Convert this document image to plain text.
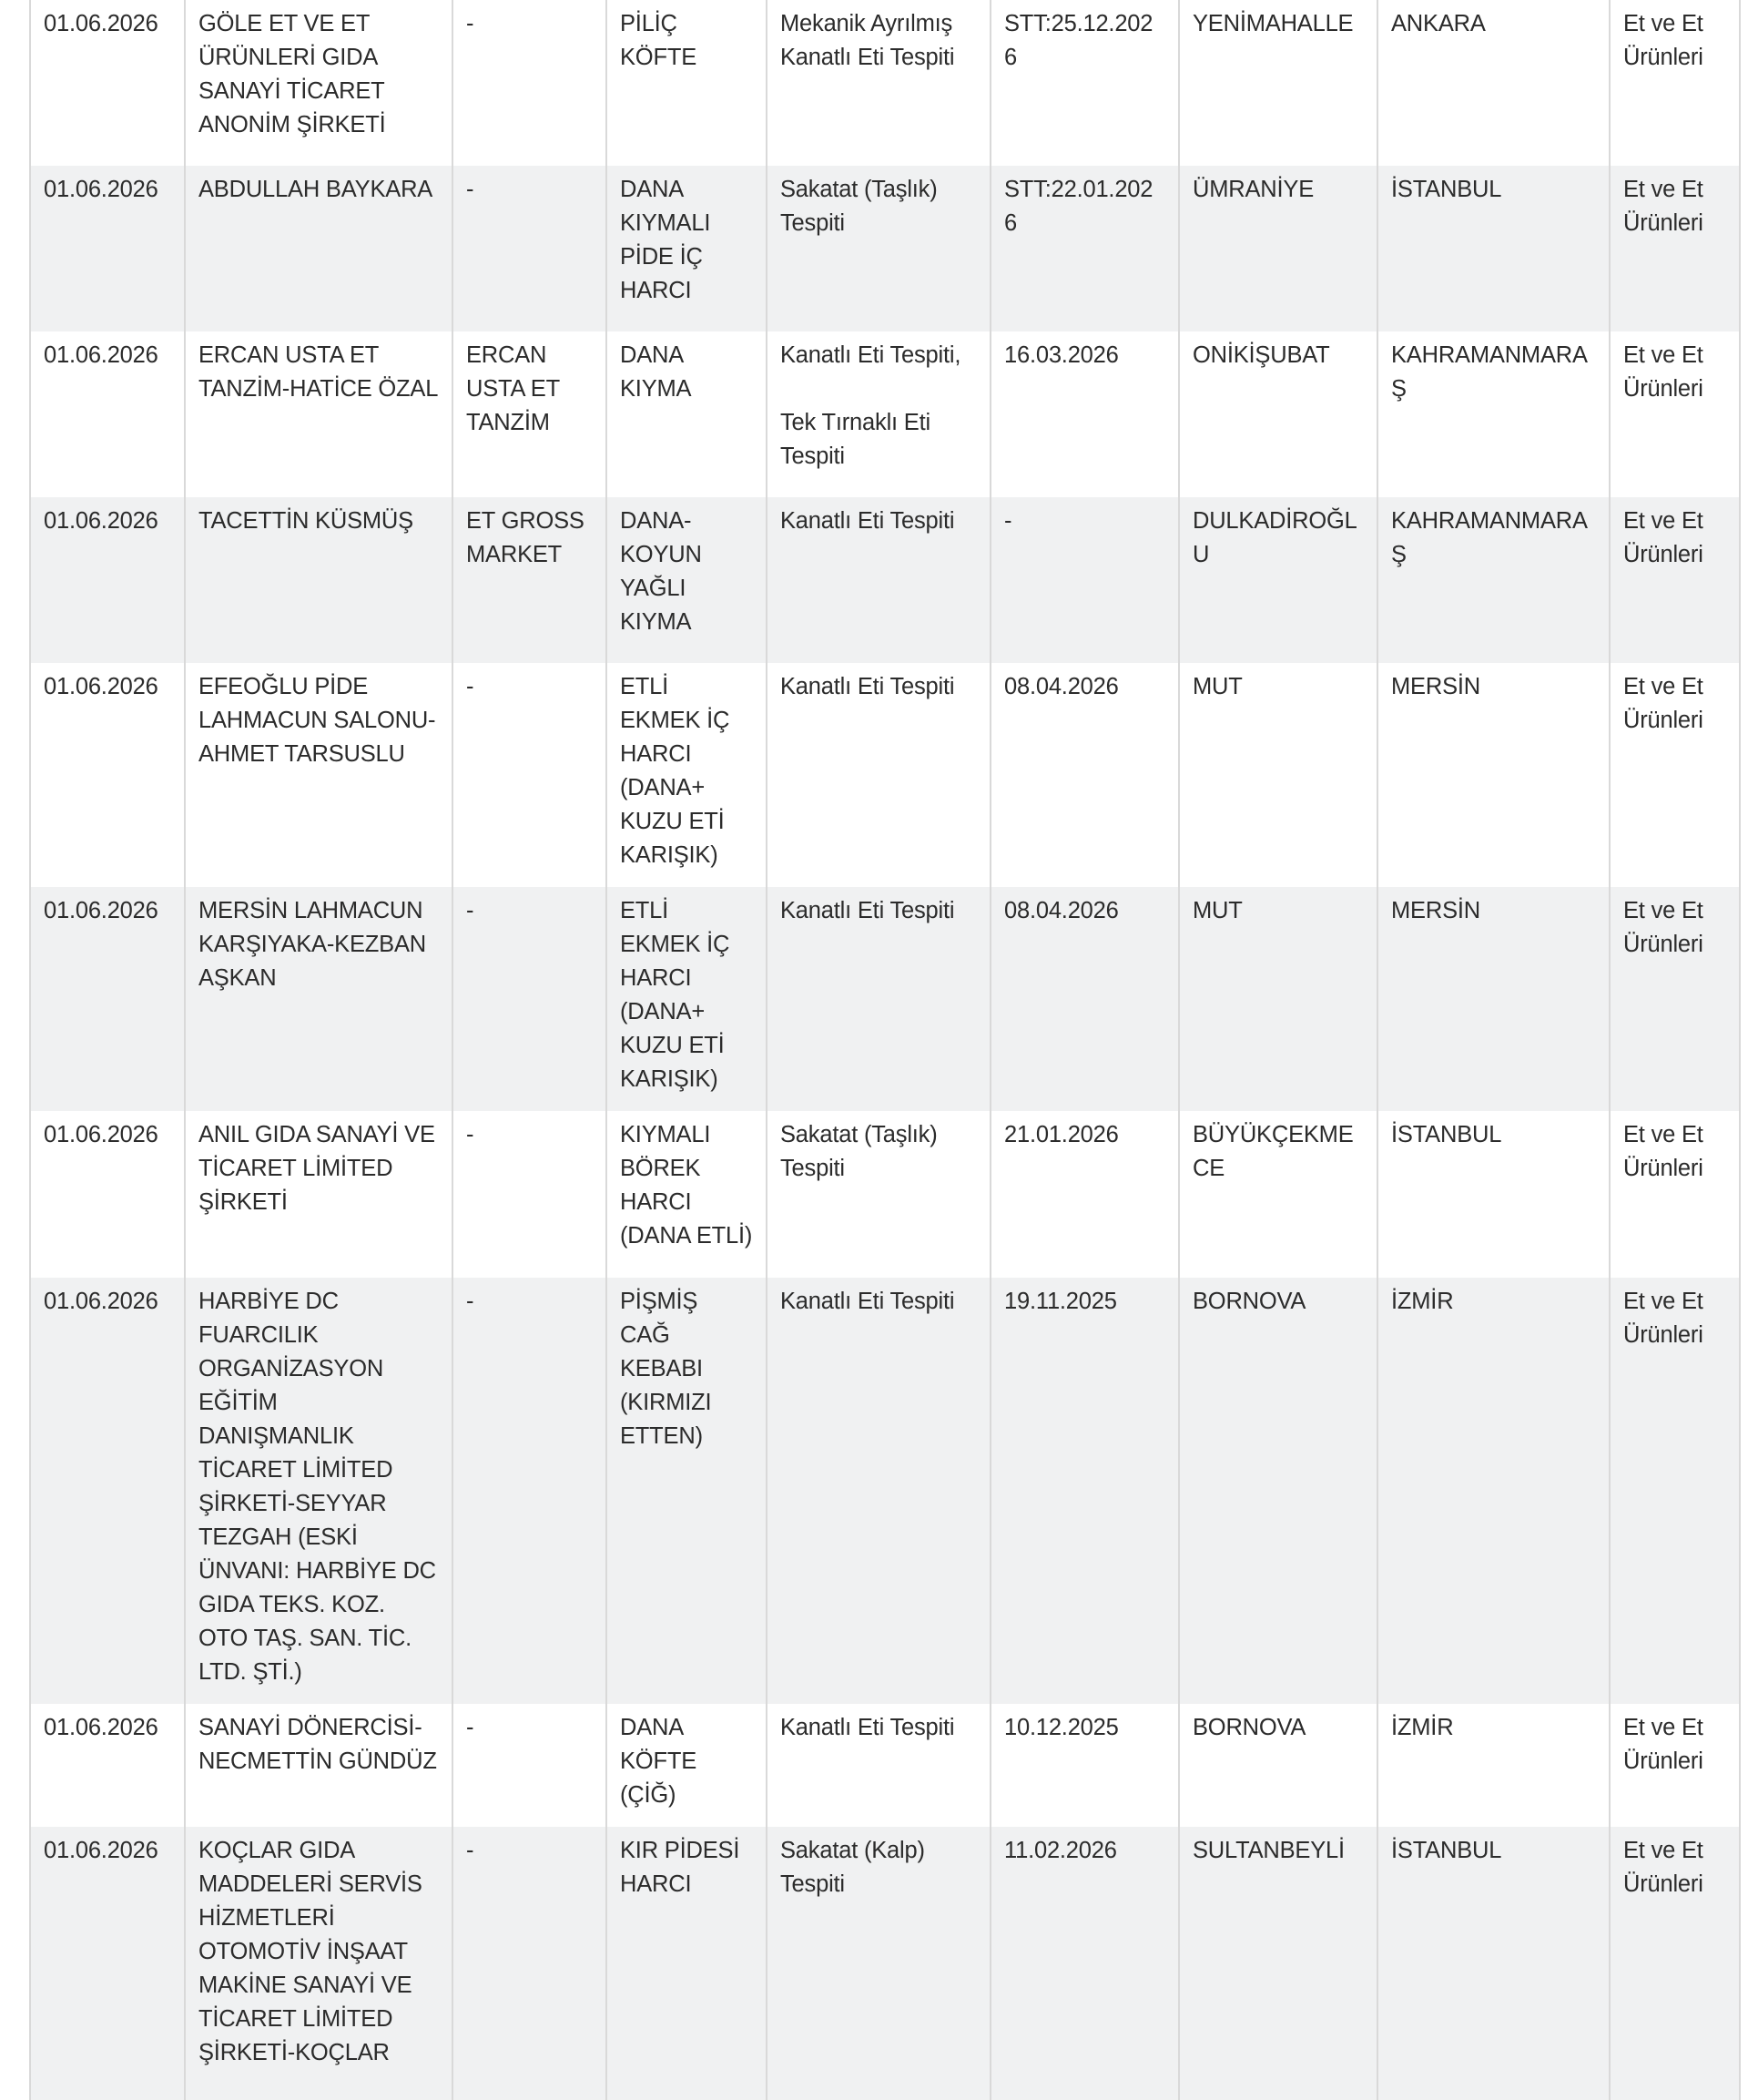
01.06.2026	GÖLE ET VE ET ÜRÜNLERİ GIDA SANAYİ TİCARET ANONİM ŞİRKETİ	-	PİLİÇ KÖFTE	Mekanik Ayrılmış Kanatlı Eti Tespiti	STT:25.12.2026	YENİMAHALLE	ANKARA	Et ve Et Ürünleri

01.06.2026	ABDULLAH BAYKARA	-	DANA KIYMALI PİDE İÇ HARCI	Sakatat (Taşlık) Tespiti	STT:22.01.2026	ÜMRANİYE	İSTANBUL	Et ve Et Ürünleri

01.06.2026	ERCAN USTA ET TANZİM-HATİCE ÖZAL	ERCAN USTA ET TANZİM	DANA KIYMA	Kanatlı Eti Tespiti,
Tek Tırnaklı Eti Tespiti	16.03.2026	ONİKİŞUBAT	KAHRAMANMARAŞ	Et ve Et Ürünleri

01.06.2026	TACETTİN KÜSMÜŞ	ET GROSS MARKET	DANA-KOYUN YAĞLI KIYMA	Kanatlı Eti Tespiti	-	DULKADİROĞLU	KAHRAMANMARAŞ	Et ve Et Ürünleri

01.06.2026	EFEOĞLU PİDE LAHMACUN SALONU-AHMET TARSUSLU	-	ETLİ EKMEK İÇ HARCI (DANA+ KUZU ETİ KARIŞIK)	Kanatlı Eti Tespiti	08.04.2026	MUT	MERSİN	Et ve Et Ürünleri

01.06.2026	MERSİN LAHMACUN KARŞIYAKA-KEZBAN AŞKAN	-	ETLİ EKMEK İÇ HARCI (DANA+ KUZU ETİ KARIŞIK)	Kanatlı Eti Tespiti	08.04.2026	MUT	MERSİN	Et ve Et Ürünleri

01.06.2026	ANIL GIDA SANAYİ VE TİCARET LİMİTED ŞİRKETİ	-	KIYMALI BÖREK HARCI (DANA ETLİ)	Sakatat (Taşlık) Tespiti	21.01.2026	BÜYÜKÇEKMECE	İSTANBUL	Et ve Et Ürünleri

01.06.2026	HARBİYE DC FUARCILIK ORGANİZASYON EĞİTİM DANIŞMANLIK TİCARET LİMİTED ŞİRKETİ-SEYYAR TEZGAH (ESKİ ÜNVANI: HARBİYE DC GIDA TEKS. KOZ. OTO TAŞ. SAN. TİC. LTD. ŞTİ.)	-	PİŞMİŞ CAĞ KEBABI (KIRMIZI ETTEN)	Kanatlı Eti Tespiti	19.11.2025	BORNOVA	İZMİR	Et ve Et Ürünleri

01.06.2026	SANAYİ DÖNERCİSİ-NECMETTİN GÜNDÜZ	-	DANA KÖFTE (ÇİĞ)	Kanatlı Eti Tespiti	10.12.2025	BORNOVA	İZMİR	Et ve Et Ürünleri

01.06.2026	KOÇLAR GIDA MADDELERİ SERVİS HİZMETLERİ OTOMOTİV İNŞAAT MAKİNE SANAYİ VE TİCARET LİMİTED ŞİRKETİ-KOÇLAR	-	KIR PİDESİ HARCI	Sakatat (Kalp) Tespiti	11.02.2026	SULTANBEYLİ	İSTANBUL	Et ve Et Ürünleri
